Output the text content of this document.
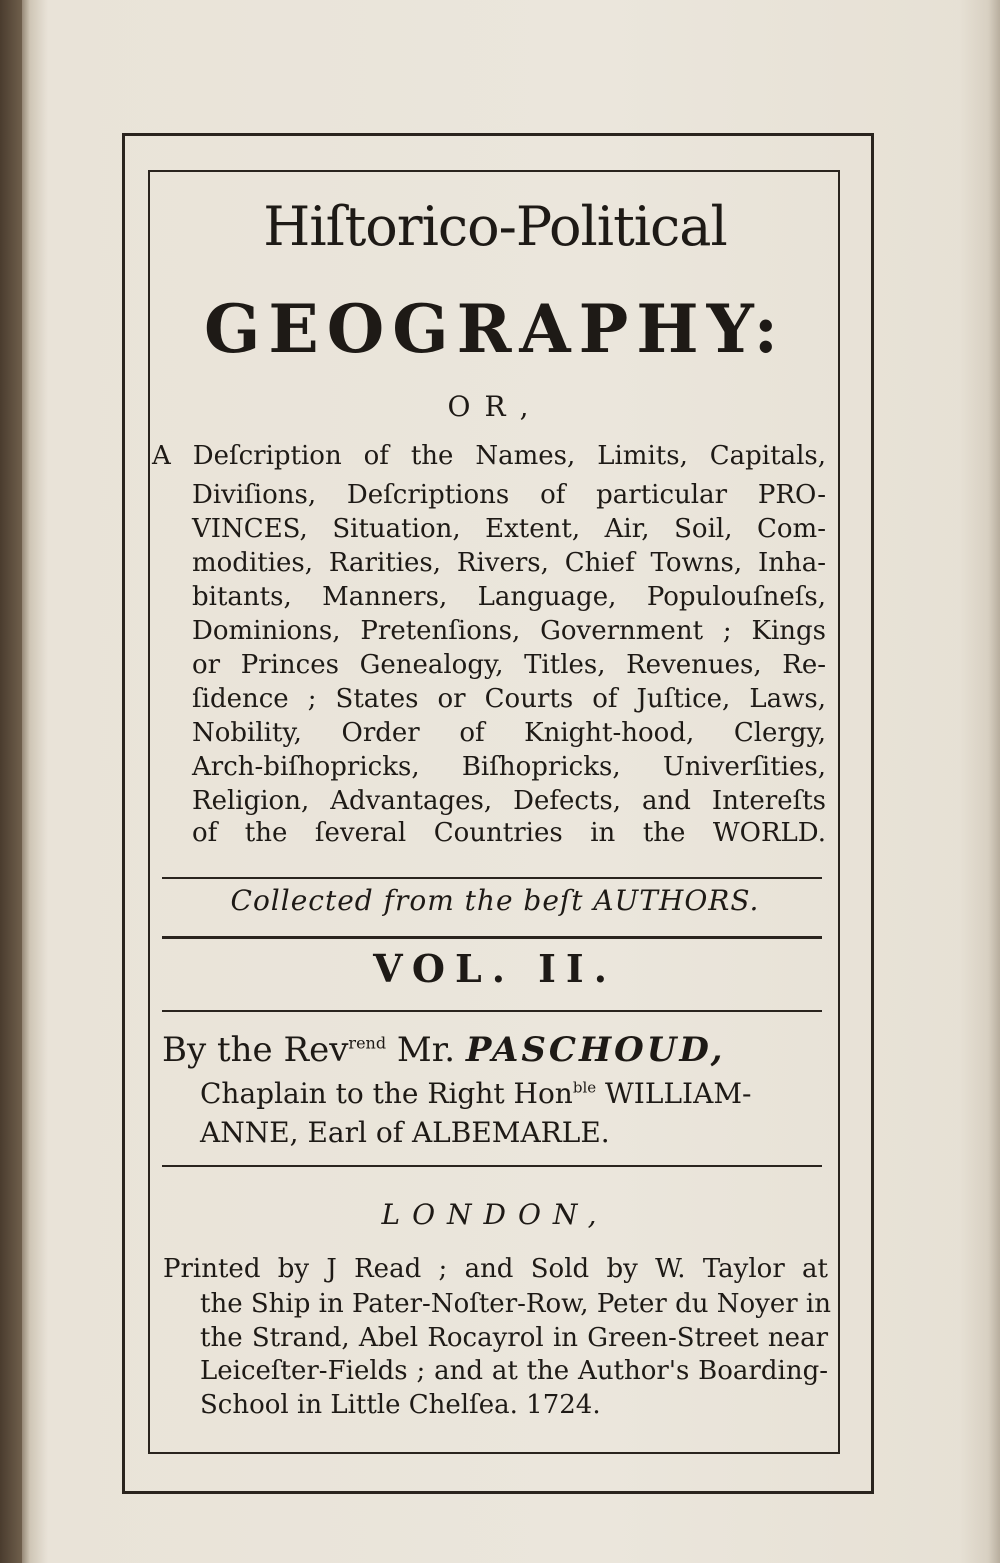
Hiſtorico-Political
GEOGRAPHY:
OR,
A Deſcription of the Names, Limits, Capitals,
Diviſions, Deſcriptions of particular PRO-
VINCES, Situation, Extent, Air, Soil, Com-
modities, Rarities, Rivers, Chief Towns, Inha-
bitants, Manners, Language, Populouſneſs,
Dominions, Pretenſions, Government ; Kings
or Princes Genealogy, Titles, Revenues, Re-
ſidence ; States or Courts of Juſtice, Laws,
Nobility, Order of Knight-hood, Clergy,
Arch-biſhopricks, Biſhopricks, Univerſities,
Religion, Advantages, Defects, and Intereſts
of the ſeveral Countries in the WORLD.
Collected from the beſt AUTHORS.
VOL. II.
By the Rev$^{rend}$ Mr. PASCHOUD,
Chaplain to the Right Hon$^{ble}$ WILLIAM-
ANNE, Earl of ALBEMARLE.
LONDON,
Printed by J Read ; and Sold by W. Taylor at
the Ship in Pater-Noſter-Row, Peter du Noyer in
the Strand, Abel Rocayrol in Green-Street near
Leiceſter-Fields ; and at the Author's Boarding-
School in Little Chelſea. 1724.
